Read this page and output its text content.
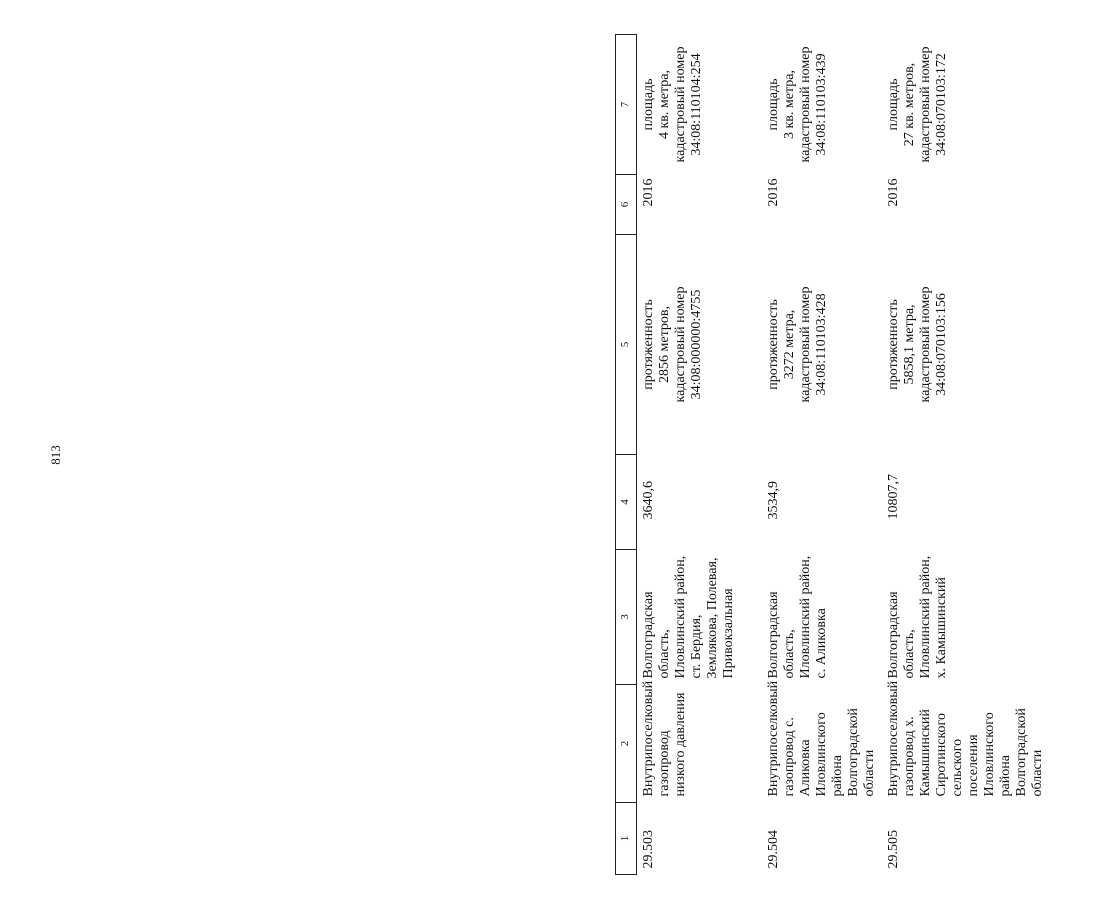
813
1	2	3	4	5	6	7
29.503	Внутрипоселковый газопровод низкого давления	Волгоградская область, Иловлинский район, ст. Бердия, Землякова, Полевая, Привокзальная	3640,6	протяженность
2856 метров,
кадастровый номер
34:08:000000:4755	2016	площадь
4 кв. метра,
кадастровый номер
34:08:110104:254
29.504	Внутрипоселковый газопровод с. Аликовка Иловлинского района Волгоградской области	Волгоградская область, Иловлинский район, с. Аликовка	3534,9	протяженность
3272 метра,
кадастровый номер
34:08:110103:428	2016	площадь
3 кв. метра,
кадастровый номер
34:08:110103:439
29.505	Внутрипоселковый газопровод х. Камышинский Сиротинского сельского поселения Иловлинского района Волгоградской области	Волгоградская область, Иловлинский район, х. Камышинский	10807,7	протяженность
5858,1 метра,
кадастровый номер
34:08:070103:156	2016	площадь
27 кв. метров,
кадастровый номер
34:08:070103:172
